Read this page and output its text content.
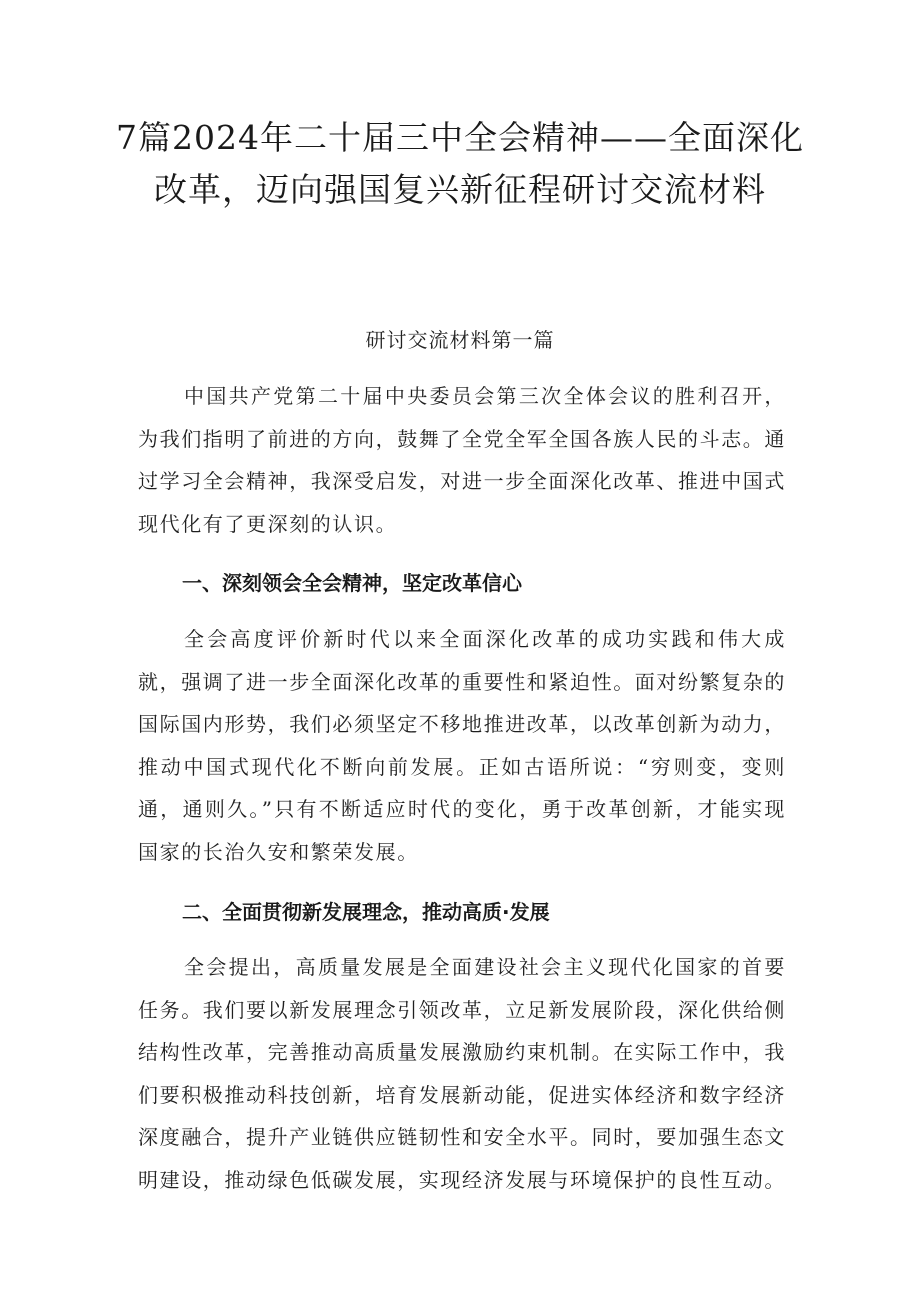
7篇2024年二十届三中全会精神——全面深化改革，迈向强国复兴新征程研讨交流材料
研讨交流材料第一篇

中国共产党第二十届中央委员会第三次全体会议的胜利召开，为我们指明了前进的方向，鼓舞了全党全军全国各族人民的斗志。通过学习全会精神，我深受启发，对进一步全面深化改革、推进中国式现代化有了更深刻的认识。

一、深刻领会全会精神，坚定改革信心

全会高度评价新时代以来全面深化改革的成功实践和伟大成就，强调了进一步全面深化改革的重要性和紧迫性。面对纷繁复杂的国际国内形势，我们必须坚定不移地推进改革，以改革创新为动力，推动中国式现代化不断向前发展。正如古语所说：“穷则变，变则通，通则久。”只有不断适应时代的变化，勇于改革创新，才能实现国家的长治久安和繁荣发展。

二、全面贯彻新发展理念，推动高质·发展

全会提出，高质量发展是全面建设社会主义现代化国家的首要任务。我们要以新发展理念引领改革，立足新发展阶段，深化供给侧结构性改革，完善推动高质量发展激励约束机制。在实际工作中，我们要积极推动科技创新，培育发展新动能，促进实体经济和数字经济深度融合，提升产业链供应链韧性和安全水平。同时，要加强生态文明建设，推动绿色低碳发展，实现经济发展与环境保护的良性互动。
